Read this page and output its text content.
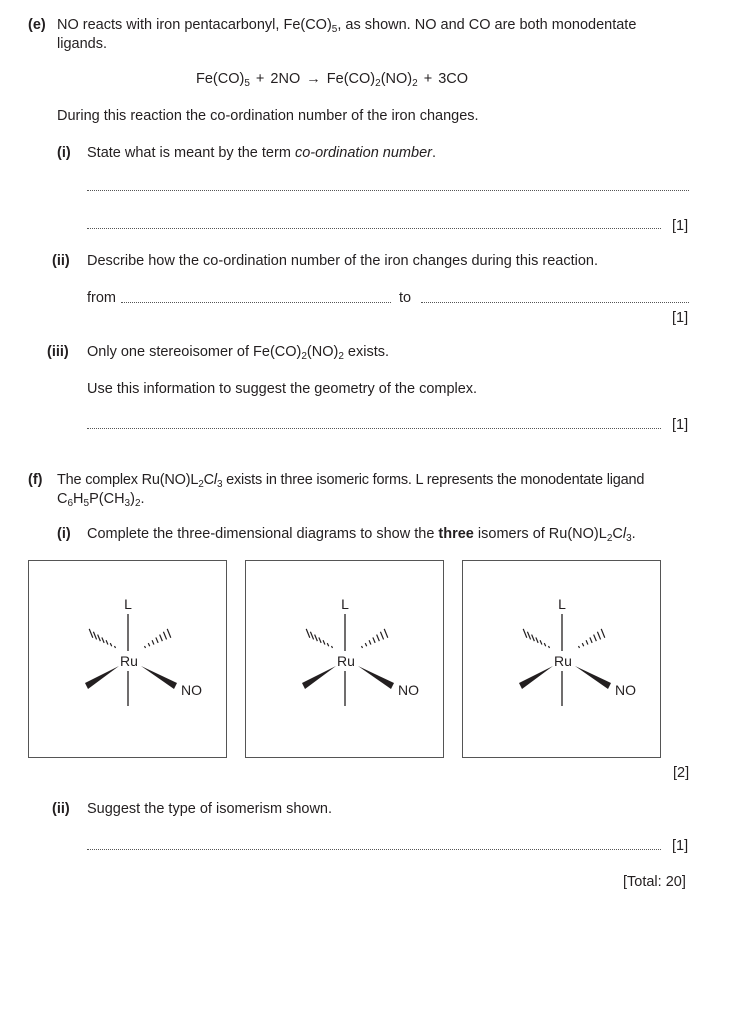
(e) NO reacts with iron pentacarbonyl, $Fe(CO)_5$, as shown. NO and CO are both monodentate
ligands.
$Fe(CO)_5 + 2NO \to Fe(CO)_2(NO)_2 + 3CO$
During this reaction the co-ordination number of the iron changes.
(i) State what is meant by the term co-ordination number.
[1]
(ii) Describe how the co-ordination number of the iron changes during this reaction.
from	to
[1]
(iii) Only one stereoisomer of $Fe(CO)_2(NO)_2$ exists.
Use this information to suggest the geometry of the complex.
[1]
(f) The complex $Ru(NO)L_2Cl_3$ exists in three isomeric forms. L represents the monodentate ligand
$C_6H_5P(CH_3)_2$.
(i) Complete the three-dimensional diagrams to show the three isomers of $Ru(NO)L_2Cl_3$.
L
Ru
NO
L
Ru
NO
L
Ru
NO
[2]
(ii) Suggest the type of isomerism shown.
[1]
[Total: 20]
